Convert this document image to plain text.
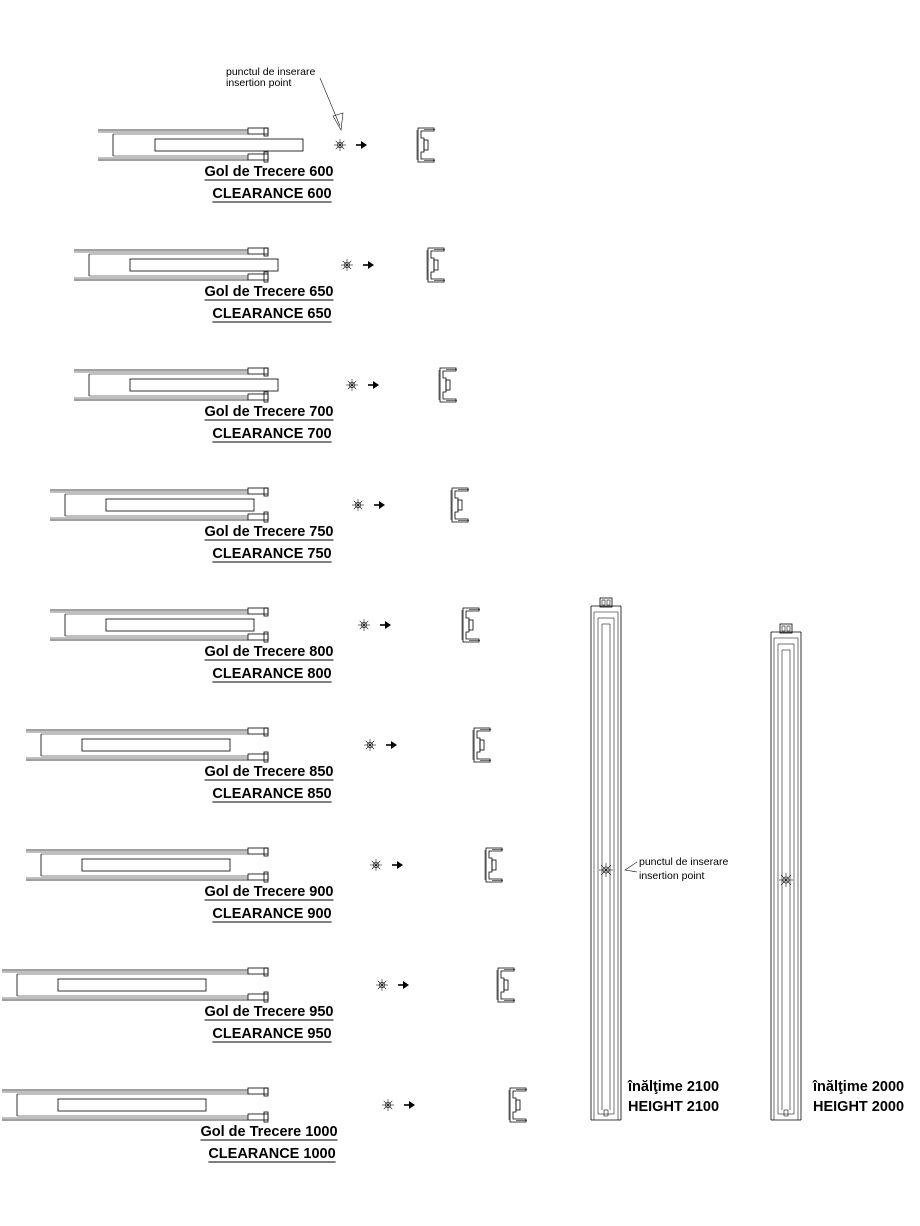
Gol de Trecere 600
CLEARANCE 600
Gol de Trecere 650
CLEARANCE 650
Gol de Trecere 700
CLEARANCE 700
Gol de Trecere 750
CLEARANCE 750
Gol de Trecere 800
CLEARANCE 800
Gol de Trecere 850
CLEARANCE 850
Gol de Trecere 900
CLEARANCE 900
Gol de Trecere 950
CLEARANCE 950
Gol de Trecere 1000
CLEARANCE 1000
înălţime 2100
HEIGHT 2100
înălţime 2000
HEIGHT 2000
punctul de inserare
insertion point
punctul de inserare
insertion point
